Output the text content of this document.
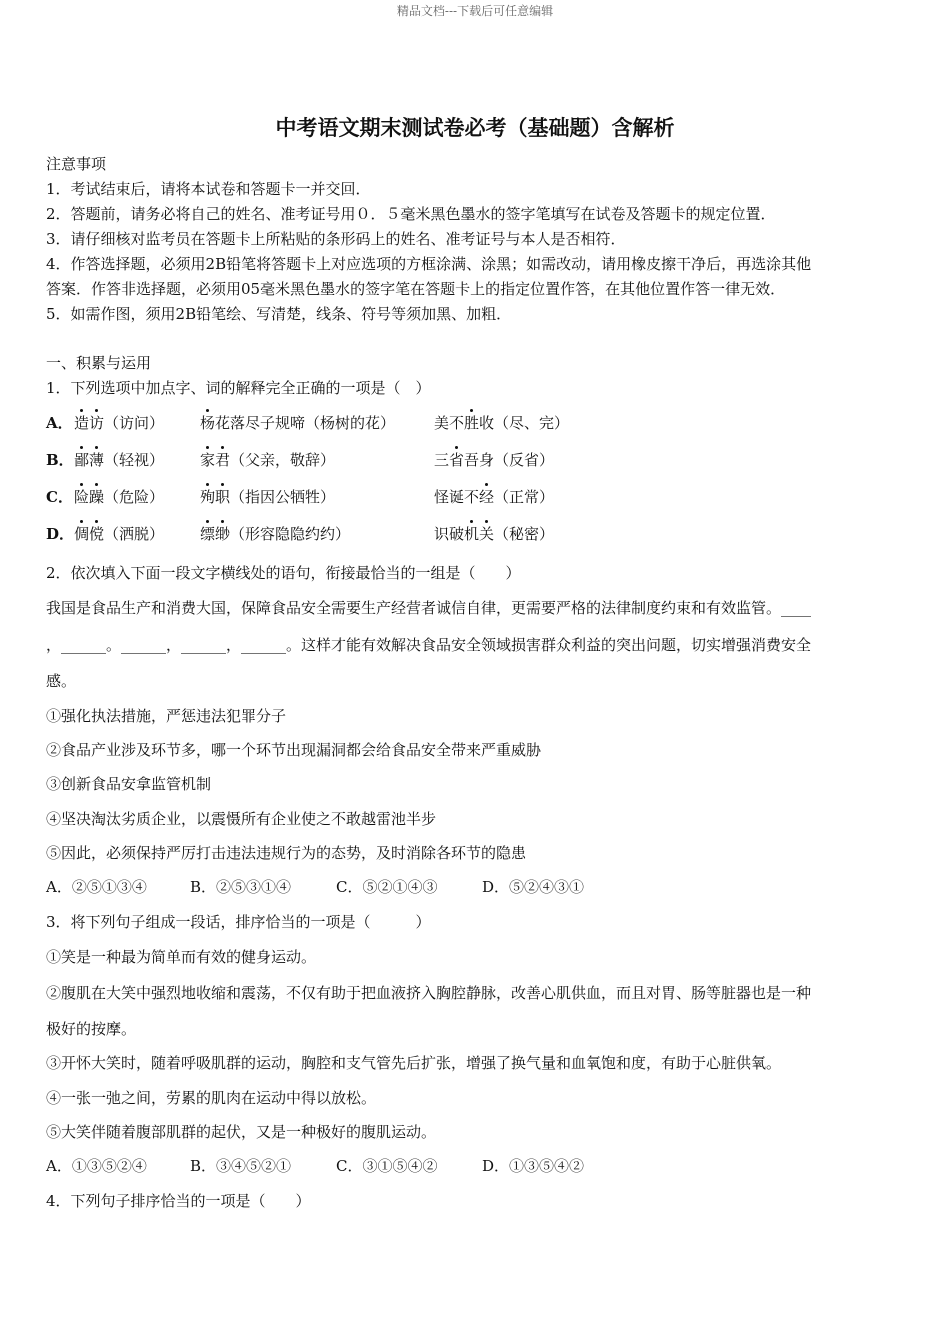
精品文档---下载后可任意编辑
中考语文期末测试卷必考（基础题）含解析
注意事项
1．考试结束后，请将本试卷和答题卡一并交回．
2．答题前，请务必将自己的姓名、准考证号用０．５毫米黑色墨水的签字笔填写在试卷及答题卡的规定位置．
3．请仔细核对监考员在答题卡上所粘贴的条形码上的姓名、准考证号与本人是否相符．
4．作答选择题，必须用2B铅笔将答题卡上对应选项的方框涂满、涂黑；如需改动，请用橡皮擦干净后，再选涂其他
答案．作答非选择题，必须用05毫米黑色墨水的签字笔在答题卡上的指定位置作答，在其他位置作答一律无效．
5．如需作图，须用2B铅笔绘、写清楚，线条、符号等须加黑、加粗．
一、积累与运用
1．下列选项中加点字、词的解释完全正确的一项是（　）
A． 造访（访问） 杨花落尽子规啼（杨树的花）	美不胜收（尽、完）
B． 鄙薄（轻视） 家君（父亲，敬辞）	三省吾身（反省）
C． 险躁（危险） 殉职（指因公牺牲）	怪诞不经（正常）
D． 倜傥（洒脱） 缥缈（形容隐隐约约）	识破机关（秘密）
2．依次填入下面一段文字横线处的语句，衔接最恰当的一组是（　　）
我国是食品生产和消费大国，保障食品安全需要生产经营者诚信自律，更需要严格的法律制度约束和有效监管。____
，______。______，______，______。这样才能有效解决食品安全领域损害群众利益的突出问题，切实增强消费安全
感。
①强化执法措施，严惩违法犯罪分子
②食品产业涉及环节多，哪一个环节出现漏洞都会给食品安全带来严重威胁
③创新食品安拿监管机制
④坚决淘汰劣质企业，以震慑所有企业使之不敢越雷池半步
⑤因此，必须保持严厉打击违法违规行为的态势，及时消除各环节的隐患
A．②⑤①③④	B．②⑤③①④	C．⑤②①④③	D．⑤②④③①
3．将下列句子组成一段话，排序恰当的一项是（　　　）
①笑是一种最为简单而有效的健身运动。
②腹肌在大笑中强烈地收缩和震荡，不仅有助于把血液挤入胸腔静脉，改善心肌供血，而且对胃、肠等脏器也是一种
极好的按摩。
③开怀大笑时，随着呼吸肌群的运动，胸腔和支气管先后扩张，增强了换气量和血氧饱和度，有助于心脏供氧。
④一张一弛之间，劳累的肌肉在运动中得以放松。
⑤大笑伴随着腹部肌群的起伏，又是一种极好的腹肌运动。
A．①③⑤②④	B．③④⑤②①	C．③①⑤④②	D．①③⑤④②
4．下列句子排序恰当的一项是（　　）
